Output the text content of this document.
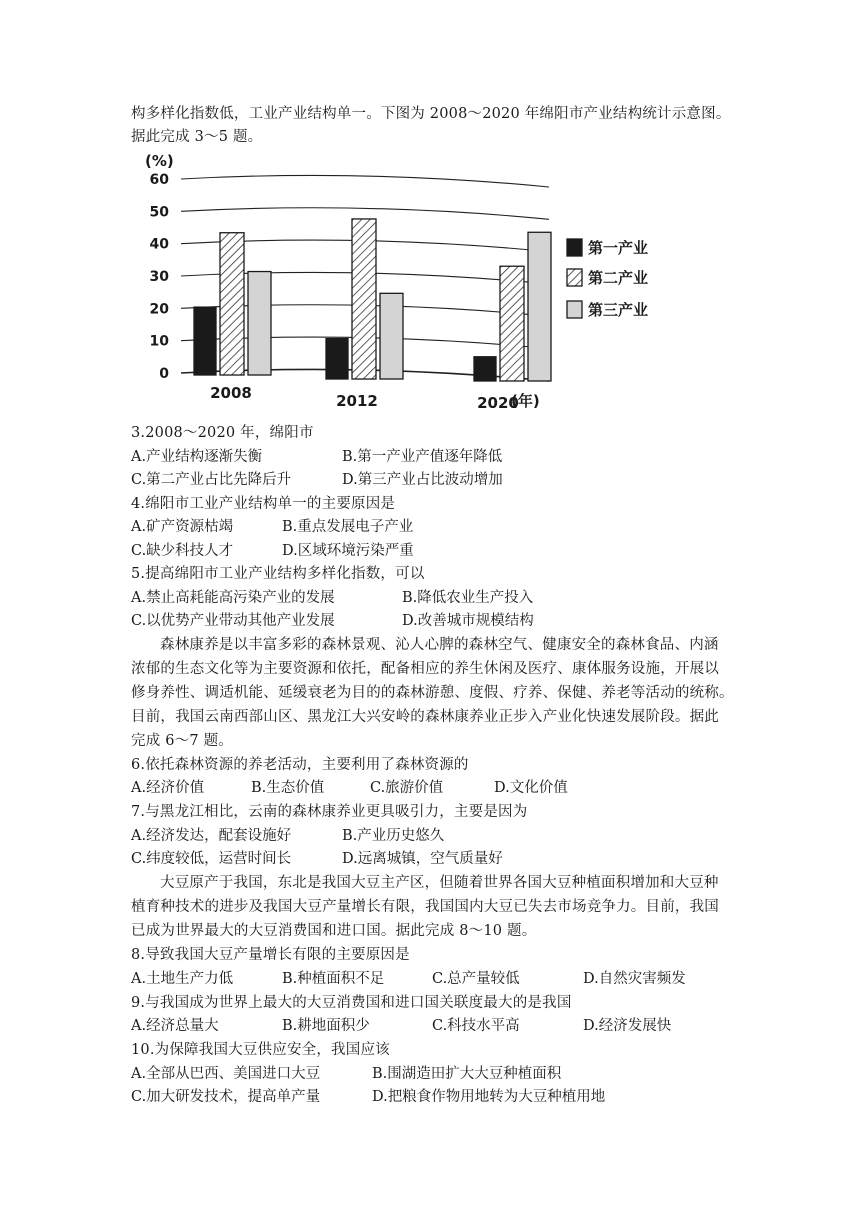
构多样化指数低，工业产业结构单一。下图为 2008～2020 年绵阳市产业结构统计示意图。
据此完成 3～5 题。
0
10
20
30
40
50
60
2008	2012	2020
第一产业
第二产业
第三产业
(%)
(年)
3.2008～2020 年，绵阳市
A.产业结构逐渐失衡	B.第一产业产值逐年降低
C.第二产业占比先降后升	D.第三产业占比波动增加
4.绵阳市工业产业结构单一的主要原因是
A.矿产资源枯竭	B.重点发展电子产业
C.缺少科技人才	D.区域环境污染严重
5.提高绵阳市工业产业结构多样化指数，可以
A.禁止高耗能高污染产业的发展	B.降低农业生产投入
C.以优势产业带动其他产业发展	D.改善城市规模结构
森林康养是以丰富多彩的森林景观、沁人心脾的森林空气、健康安全的森林食品、内涵
浓郁的生态文化等为主要资源和依托，配备相应的养生休闲及医疗、康体服务设施，开展以
修身养性、调适机能、延缓衰老为目的的森林游憩、度假、疗养、保健、养老等活动的统称。
目前，我国云南西部山区、黑龙江大兴安岭的森林康养业正步入产业化快速发展阶段。据此
完成 6～7 题。
6.依托森林资源的养老活动，主要利用了森林资源的
A.经济价值	B.生态价值	C.旅游价值	D.文化价值
7.与黑龙江相比，云南的森林康养业更具吸引力，主要是因为
A.经济发达，配套设施好	B.产业历史悠久
C.纬度较低，运营时间长	D.远离城镇，空气质量好
大豆原产于我国，东北是我国大豆主产区，但随着世界各国大豆种植面积增加和大豆种
植育种技术的进步及我国大豆产量增长有限，我国国内大豆已失去市场竞争力。目前，我国
已成为世界最大的大豆消费国和进口国。据此完成 8～10 题。
8.导致我国大豆产量增长有限的主要原因是
A.土地生产力低	B.种植面积不足	C.总产量较低	D.自然灾害频发
9.与我国成为世界上最大的大豆消费国和进口国关联度最大的是我国
A.经济总量大	B.耕地面积少	C.科技水平高	D.经济发展快
10.为保障我国大豆供应安全，我国应该
A.全部从巴西、美国进口大豆	B.围湖造田扩大大豆种植面积
C.加大研发技术，提高单产量	D.把粮食作物用地转为大豆种植用地
